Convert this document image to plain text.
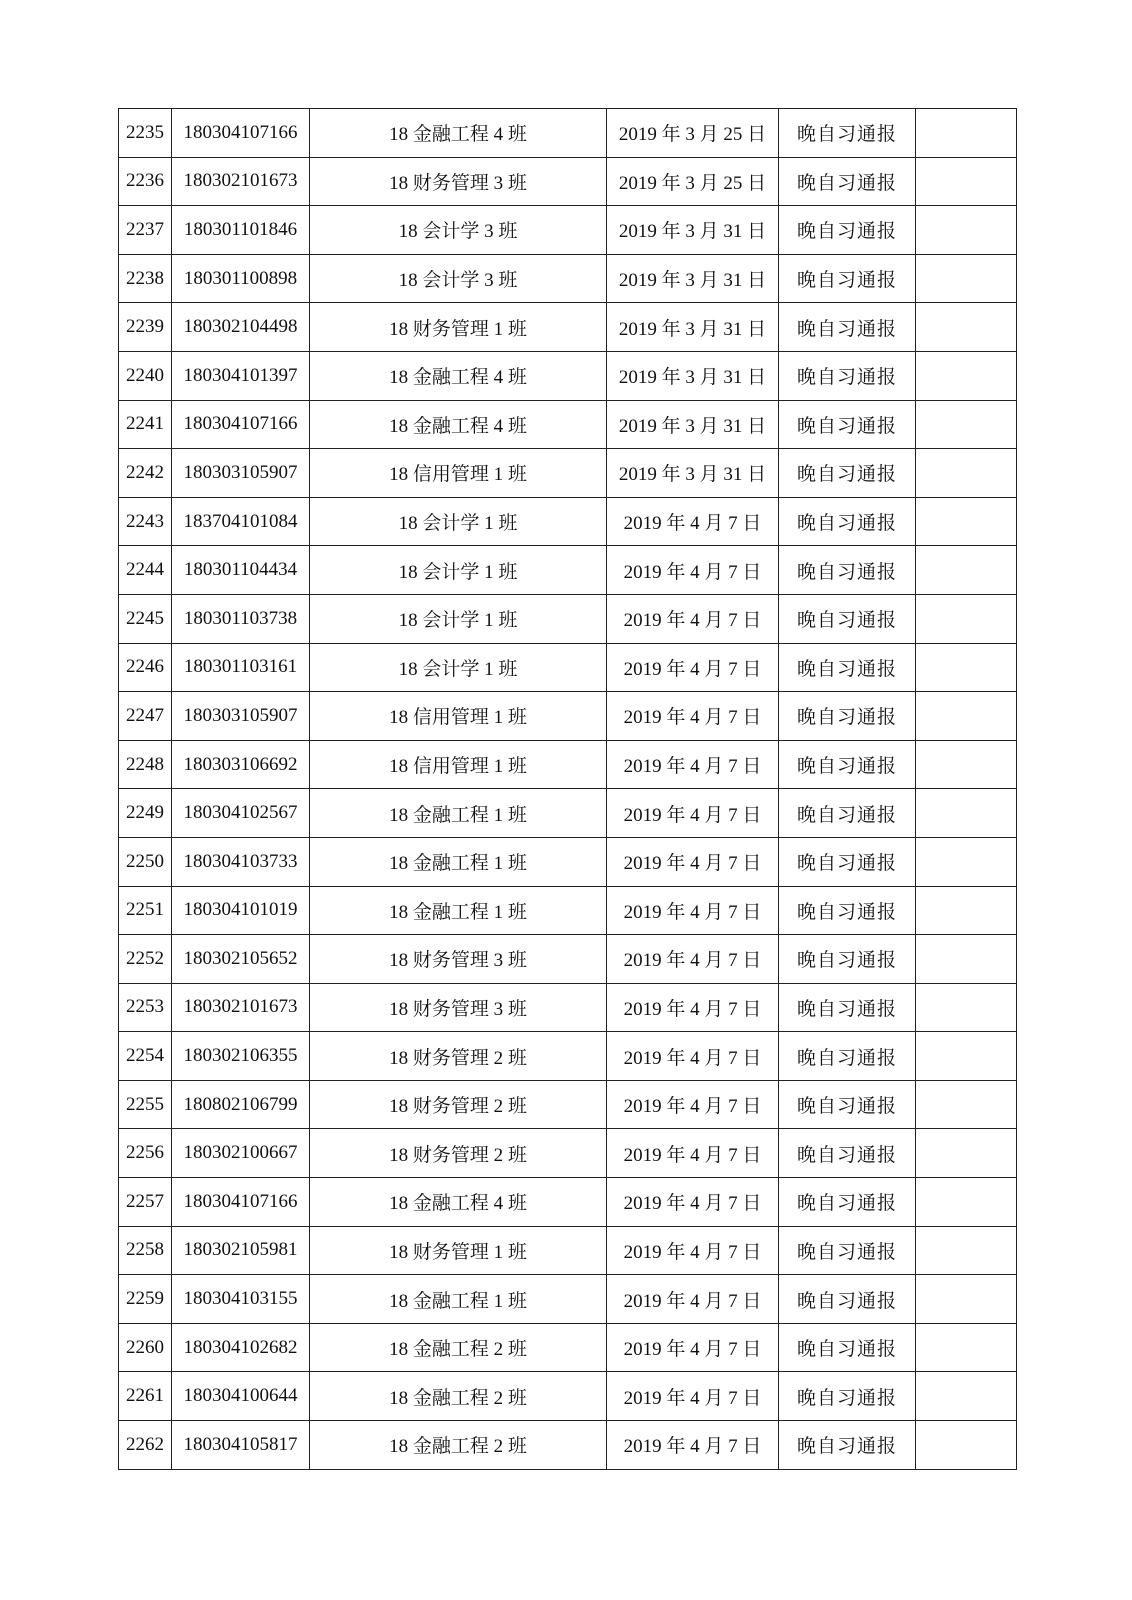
2235	180304107166	18 金融工程 4 班	2019 年 3 月 25 日	晚自习通报	
2236	180302101673	18 财务管理 3 班	2019 年 3 月 25 日	晚自习通报	
2237	180301101846	18 会计学 3 班	2019 年 3 月 31 日	晚自习通报	
2238	180301100898	18 会计学 3 班	2019 年 3 月 31 日	晚自习通报	
2239	180302104498	18 财务管理 1 班	2019 年 3 月 31 日	晚自习通报	
2240	180304101397	18 金融工程 4 班	2019 年 3 月 31 日	晚自习通报	
2241	180304107166	18 金融工程 4 班	2019 年 3 月 31 日	晚自习通报	
2242	180303105907	18 信用管理 1 班	2019 年 3 月 31 日	晚自习通报	
2243	183704101084	18 会计学 1 班	2019 年 4 月 7 日	晚自习通报	
2244	180301104434	18 会计学 1 班	2019 年 4 月 7 日	晚自习通报	
2245	180301103738	18 会计学 1 班	2019 年 4 月 7 日	晚自习通报	
2246	180301103161	18 会计学 1 班	2019 年 4 月 7 日	晚自习通报	
2247	180303105907	18 信用管理 1 班	2019 年 4 月 7 日	晚自习通报	
2248	180303106692	18 信用管理 1 班	2019 年 4 月 7 日	晚自习通报	
2249	180304102567	18 金融工程 1 班	2019 年 4 月 7 日	晚自习通报	
2250	180304103733	18 金融工程 1 班	2019 年 4 月 7 日	晚自习通报	
2251	180304101019	18 金融工程 1 班	2019 年 4 月 7 日	晚自习通报	
2252	180302105652	18 财务管理 3 班	2019 年 4 月 7 日	晚自习通报	
2253	180302101673	18 财务管理 3 班	2019 年 4 月 7 日	晚自习通报	
2254	180302106355	18 财务管理 2 班	2019 年 4 月 7 日	晚自习通报	
2255	180802106799	18 财务管理 2 班	2019 年 4 月 7 日	晚自习通报	
2256	180302100667	18 财务管理 2 班	2019 年 4 月 7 日	晚自习通报	
2257	180304107166	18 金融工程 4 班	2019 年 4 月 7 日	晚自习通报	
2258	180302105981	18 财务管理 1 班	2019 年 4 月 7 日	晚自习通报	
2259	180304103155	18 金融工程 1 班	2019 年 4 月 7 日	晚自习通报	
2260	180304102682	18 金融工程 2 班	2019 年 4 月 7 日	晚自习通报	
2261	180304100644	18 金融工程 2 班	2019 年 4 月 7 日	晚自习通报	
2262	180304105817	18 金融工程 2 班	2019 年 4 月 7 日	晚自习通报	
